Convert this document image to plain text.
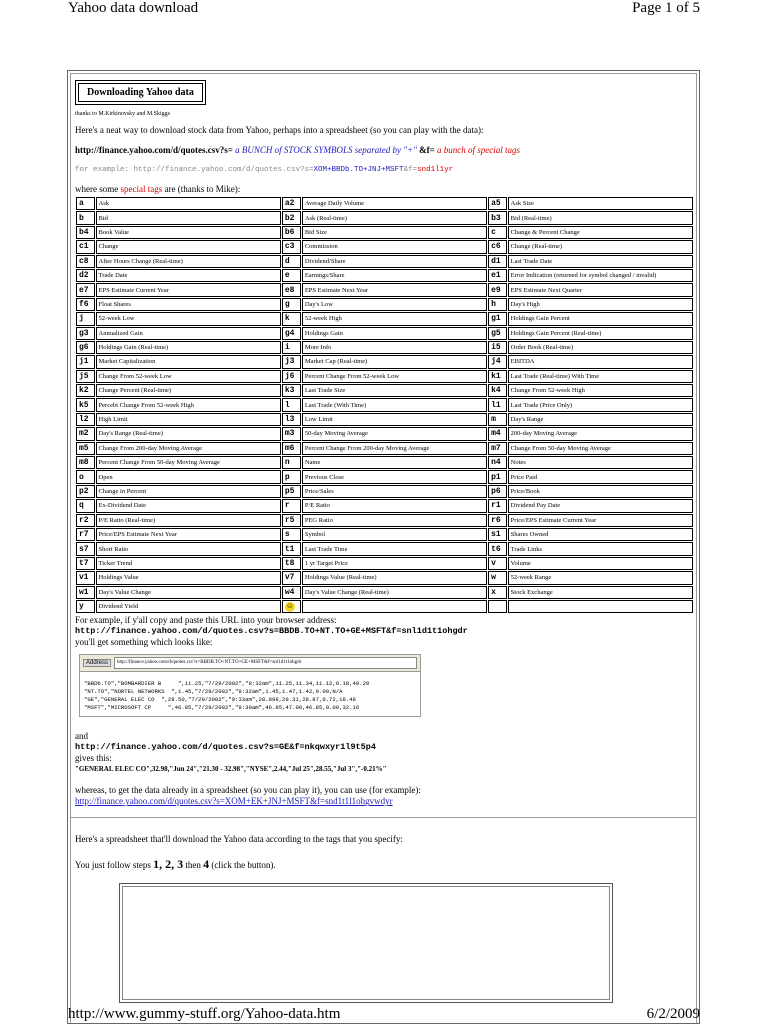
Yahoo data download	Page 1 of 5
Downloading Yahoo data
thanks to M.Kirkinovsky and M.Skiggs
Here's a neat way to download stock data from Yahoo, perhaps into a spreadsheet (so you can play with the data):
http://finance.yahoo.com/d/quotes.csv?s= a BUNCH of STOCK SYMBOLS separated by "+" &f= a bunch of special tags
for example: http://finance.yahoo.com/d/quotes.csv?s=XOM+BBDb.TO+JNJ+MSFT&f=snd1l1yr
where some special tags are (thanks to Mike):
a	Ask	a2	Average Daily Volume	a5	Ask Size
b	Bid	b2	Ask (Real-time)	b3	Bid (Real-time)
b4	Book Value	b6	Bid Size	c	Change & Percent Change
c1	Change	c3	Commission	c6	Change (Real-time)
c8	After Hours Change (Real-time)	d	Dividend/Share	d1	Last Trade Date
d2	Trade Date	e	Earnings/Share	e1	Error Indication (returned for symbol changed / invalid)
e7	EPS Estimate Current Year	e8	EPS Estimate Next Year	e9	EPS Estimate Next Quarter
f6	Float Shares	g	Day's Low	h	Day's High
j	52-week Low	k	52-week High	g1	Holdings Gain Percent
g3	Annualized Gain	g4	Holdings Gain	g5	Holdings Gain Percent (Real-time)
g6	Holdings Gain (Real-time)	i	More Info	i5	Order Book (Real-time)
j1	Market Capitalization	j3	Market Cap (Real-time)	j4	EBITDA
j5	Change From 52-week Low	j6	Percent Change From 52-week Low	k1	Last Trade (Real-time) With Time
k2	Change Percent (Real-time)	k3	Last Trade Size	k4	Change From 52-week High
k5	Percebt Change From 52-week High	l	Last Trade (With Time)	l1	Last Trade (Price Only)
l2	High Limit	l3	Low Limit	m	Day's Range
m2	Day's Range (Real-time)	m3	50-day Moving Average	m4	200-day Moving Average
m5	Change From 200-day Moving Average	m6	Percent Change From 200-day Moving Average	m7	Change From 50-day Moving Average
m8	Percent Change From 50-day Moving Average	n	Name	n4	Notes
o	Open	p	Previous Close	p1	Price Paid
p2	Change in Percent	p5	Price/Sales	p6	Price/Book
q	Ex-Dividend Date	r	P/E Ratio	r1	Dividend Pay Date
r2	P/E Ratio (Real-time)	r5	PEG Ratio	r6	Price/EPS Estimate Current Year
r7	Price/EPS Estimate Next Year	s	Symbol	s1	Shares Owned
s7	Short Ratio	t1	Last Trade Time	t6	Trade Links
t7	Ticker Trend	t8	1 yr Target Price	v	Volume
v1	Holdings Value	v7	Holdings Value (Real-time)	w	52-week Range
w1	Day's Value Change	w4	Day's Value Change (Real-time)	x	Stock Exchange
y	Dividend Yield	☺			
For example, if y'all copy and paste this URL into your browser address:
http://finance.yahoo.com/d/quotes.csv?s=BBDB.TO+NT.TO+GE+MSFT&f=snl1d1t1ohgdr
you'll get something which looks like:
Address	http://finance.yahoo.com/d/quotes.csv?s=BBDB.TO+NT.TO+GE+MSFT&f=snl1d1t1ohgdr
"BBDb.TO","BOMBARDIER B     ",11.25,"7/29/2002","9:32am",11.25,11.34,11.12,0.18,40.20
"NT.TO","NORTEL NETWORKS  ",1.45,"7/29/2002","9:32am",1.45,1.47,1.42,0.00,N/A
"GE","GENERAL ELEC CO  ",28.50,"7/29/2002","9:33am",28.898,29.31,28.87,0.72,18.48
"MSFT","MICROSOFT CP     ",46.85,"7/29/2002","9:30am",46.85,47.00,46.85,0.00,32.16
and
http://finance.yahoo.com/d/quotes.csv?s=GE&f=nkqwxyr1l9t5p4
gives this:
"GENERAL ELEC CO",32.98,"Jun 24","21.30 - 32.98","NYSE",2.44,"Jul 25",28.55,"Jul 3","-0.21%"
whereas, to get the data already in a spreadsheet (so you can play it), you can use (for example):
http://finance.yahoo.com/d/quotes.csv?s=XOM+EK+JNJ+MSFT&f=snd1t1l1ohgvwdyr
Here's a spreadsheet that'll download the Yahoo data according to the tags that you specify:
You just follow steps 1, 2, 3 then 4 (click the button).
http://www.gummy-stuff.org/Yahoo-data.htm	6/2/2009
